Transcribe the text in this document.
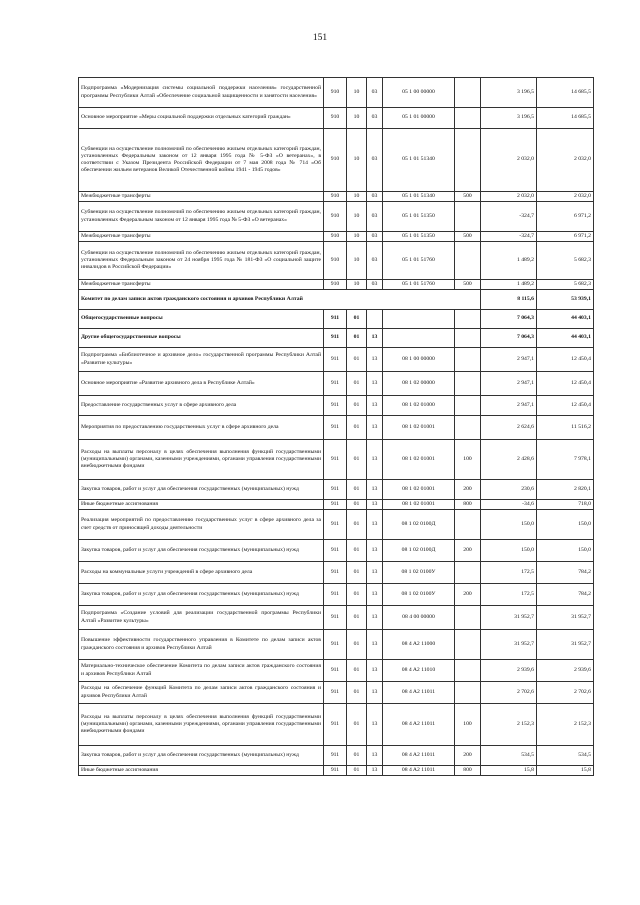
151
Подпрограмма «Модернизация системы социальной поддержки населения» государственной программы Республики Алтай «Обеспечение социальной защищенности и занятости населения»	910	10	03	05 1 00 00000		3 196,5	14 685,5
Основное мероприятие «Меры социальной поддержки отдельных категорий граждан»	910	10	03	05 1 01 00000		3 196,5	14 685,5
Субвенции на осуществление полномочий по обеспечению жильем отдельных категорий граждан, установленных Федеральным законом от 12 января 1995 года № 5-ФЗ «О ветеранах», в соответствии с Указом Президента Российской Федерации от 7 мая 2008 года № 714 «Об обеспечении жильем ветеранов Великой Отечественной войны 1941 - 1945 годов»	910	10	03	05 1 01 51340		2 032,0	2 032,0
Межбюджетные трансферты	910	10	03	05 1 01 51340	500	2 032,0	2 032,0
Субвенции на осуществление полномочий по обеспечению жильем отдельных категорий граждан, установленных Федеральным законом от 12 января 1995 года № 5-ФЗ «О ветеранах»	910	10	03	05 1 01 51350		-324,7	6 971,2
Межбюджетные трансферты	910	10	03	05 1 01 51350	500	-324,7	6 971,2
Субвенции на осуществление полномочий по обеспечению жильем отдельных категорий граждан, установленных Федеральным законом от 24 ноября 1995 года № 181-ФЗ «О социальной защите инвалидов в Российской Федерации»	910	10	03	05 1 01 51760		1 489,2	5 682,3
Межбюджетные трансферты	910	10	03	05 1 01 51760	500	1 489,2	5 682,3
Комитет по делам записи актов гражданского состояния и архивов Республики Алтай						8 115,6	53 939,1
Общегосударственные вопросы	911	01				7 064,3	44 403,1
Другие общегосударственные вопросы	911	01	13			7 064,3	44 403,1
Подпрограмма «Библиотечное и архивное дело» государственной программы Республики Алтай «Развитие культуры»	911	01	13	08 1 00 00000		2 947,1	12 450,4
Основное мероприятие «Развитие архивного дела в Республике Алтай»	911	01	13	08 1 02 00000		2 947,1	12 450,4
Предоставление государственных услуг в сфере архивного дела	911	01	13	08 1 02 01000		2 947,1	12 450,4
Мероприятия по предоставлению государственных услуг в сфере архивного дела	911	01	13	08 1 02 01001		2 624,6	11 516,2
Расходы на выплаты персоналу в целях обеспечения выполнения функций государственными (муниципальными) органами, казенными учреждениями, органами управления государственными внебюджетными фондами	911	01	13	08 1 02 01001	100	2 428,6	7 978,1
Закупка товаров, работ и услуг для обеспечения государственных (муниципальных) нужд	911	01	13	08 1 02 01001	200	230,6	2 820,1
Иные бюджетные ассигнования	911	01	13	08 1 02 01001	800	-34,6	718,0
Реализация мероприятий по предоставлению государственных услуг в сфере архивного дела за счет средств от приносящей доходы деятельности	911	01	13	08 1 02 0100Д		150,0	150,0
Закупка товаров, работ и услуг для обеспечения государственных (муниципальных) нужд	911	01	13	08 1 02 0100Д	200	150,0	150,0
Расходы на коммунальные услуги учреждений в сфере архивного дела	911	01	13	08 1 02 0100У		172,5	784,2
Закупка товаров, работ и услуг для обеспечения государственных (муниципальных) нужд	911	01	13	08 1 02 0100У	200	172,5	784,2
Подпрограмма «Создание условий для реализации государственной программы Республики Алтай «Развитие культуры»	911	01	13	08 4 00 00000		31 952,7	31 952,7
Повышение эффективности государственного управления в Комитете по делам записи актов гражданского состояния и архивов Республики Алтай	911	01	13	08 4 A2 11000		31 952,7	31 952,7
Материально-техническое обеспечение Комитета по делам записи актов гражданского состояния и архивов Республики Алтай	911	01	13	08 4 A2 11010		2 939,6	2 939,6
Расходы на обеспечение функций Комитета по делам записи актов гражданского состояния и архивов Республики Алтай	911	01	13	08 4 A2 11011		2 702,6	2 702,6
Расходы на выплаты персоналу в целях обеспечения выполнения функций государственными (муниципальными) органами, казенными учреждениями, органами управления государственными внебюджетными фондами	911	01	13	08 4 A2 11011	100	2 152,3	2 152,3
Закупка товаров, работ и услуг для обеспечения государственных (муниципальных) нужд	911	01	13	08 4 A2 11011	200	534,5	534,5
Иные бюджетные ассигнования	911	01	13	08 4 A2 11011	800	15,8	15,8
